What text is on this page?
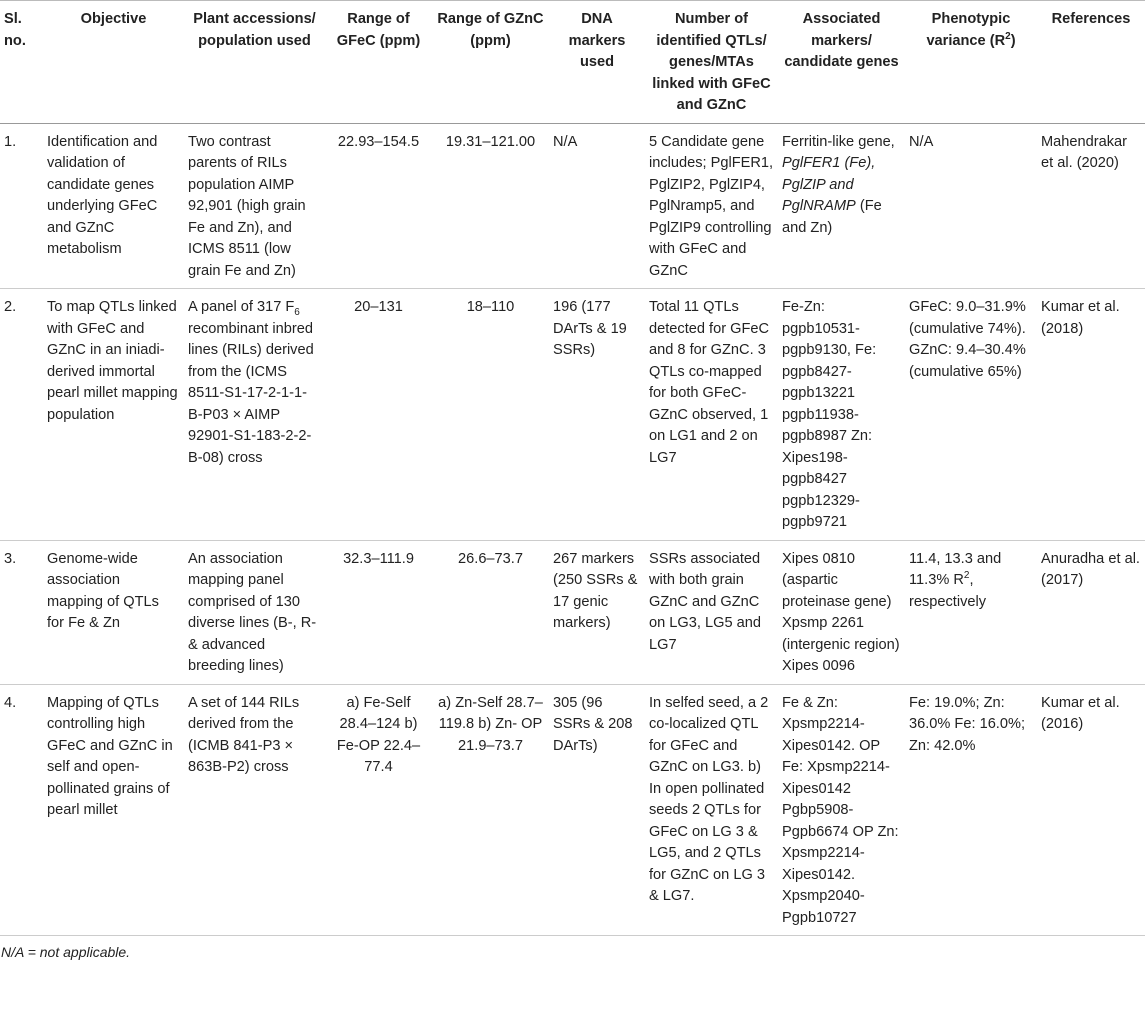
Sl. no.	Objective	Plant accessions/ population used	Range of GFeC (ppm)	Range of GZnC (ppm)	DNA markers used	Number of identified QTLs/ genes/MTAs linked with GFeC and GZnC	Associated markers/ candidate genes	Phenotypic variance $(R^2)$	References
1.	Identification and validation of candidate genes underlying GFeC and GZnC metabolism	Two contrast parents of RILs population AIMP 92,901 (high grain Fe and Zn), and ICMS 8511 (low grain Fe and Zn)	22.93–154.5	19.31–121.00	N/A	5 Candidate gene includes; PglFER1, PglZIP2, PglZIP4, PglNramp5, and PglZIP9 controlling with GFeC and GZnC	Ferritin-like gene, PglFER1 (Fe), PglZIP and PglNRAMP (Fe and Zn)	N/A	Mahendrakar et al. (2020)
2.	To map QTLs linked with GFeC and GZnC in an iniadi-derived immortal pearl millet mapping population	A panel of 317 $F_6$ recombinant inbred lines (RILs) derived from the (ICMS 8511-S1-17-2-1-1-B-P03 × AIMP 92901-S1-183-2-2-B-08) cross	20–131	18–110	196 (177 DArTs & 19 SSRs)	Total 11 QTLs detected for GFeC and 8 for GZnC. 3 QTLs co-mapped for both GFeC-GZnC observed, 1 on LG1 and 2 on LG7	Fe-Zn: pgpb10531-pgpb9130, Fe: pgpb8427-pgpb13221 pgpb11938-pgpb8987 Zn: Xipes198-pgpb8427 pgpb12329-pgpb9721	GFeC: 9.0–31.9% (cumulative 74%). GZnC: 9.4–30.4% (cumulative 65%)	Kumar et al. (2018)
3.	Genome-wide association mapping of QTLs for Fe & Zn	An association mapping panel comprised of 130 diverse lines (B-, R- & advanced breeding lines)	32.3–111.9	26.6–73.7	267 markers (250 SSRs & 17 genic markers)	SSRs associated with both grain GZnC and GZnC on LG3, LG5 and LG7	Xipes 0810 (aspartic proteinase gene) Xpsmp 2261 (intergenic region) Xipes 0096	11.4, 13.3 and 11.3% $R^2$, respectively	Anuradha et al. (2017)
4.	Mapping of QTLs controlling high GFeC and GZnC in self and open-pollinated grains of pearl millet	A set of 144 RILs derived from the (ICMB 841-P3 × 863B-P2) cross	a) Fe-Self 28.4–124 b) Fe-OP 22.4–77.4	a) Zn-Self 28.7–119.8 b) Zn- OP 21.9–73.7	305 (96 SSRs & 208 DArTs)	In selfed seed, a 2 co-localized QTL for GFeC and GZnC on LG3. b) In open pollinated seeds 2 QTLs for GFeC on LG 3 & LG5, and 2 QTLs for GZnC on LG 3 & LG7.	Fe & Zn: Xpsmp2214-Xipes0142. OP Fe: Xpsmp2214-Xipes0142 Pgbp5908-Pgpb6674 OP Zn: Xpsmp2214-Xipes0142. Xpsmp2040-Pgpb10727	Fe: 19.0%; Zn: 36.0% Fe: 16.0%; Zn: 42.0%	Kumar et al. (2016)
N/A = not applicable.
